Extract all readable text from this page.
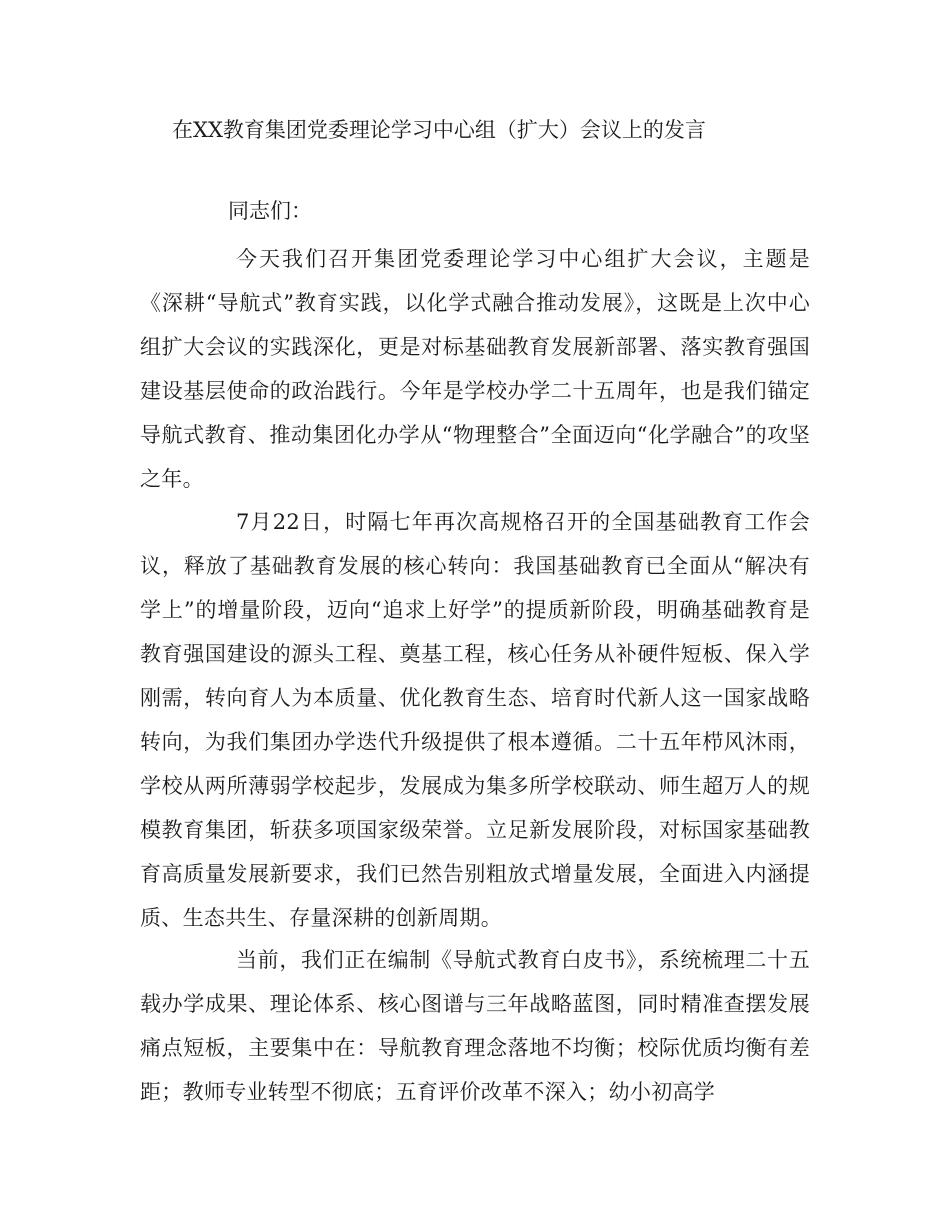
在XX教育集团党委理论学习中心组（扩大）会议上的发言

同志们：

今天我们召开集团党委理论学习中心组扩大会议，主题是《深耕“导航式”教育实践，以化学式融合推动发展》，这既是上次中心组扩大会议的实践深化，更是对标基础教育发展新部署、落实教育强国建设基层使命的政治践行。今年是学校办学二十五周年，也是我们锚定导航式教育、推动集团化办学从“物理整合”全面迈向“化学融合”的攻坚之年。

7月22日，时隔七年再次高规格召开的全国基础教育工作会议，释放了基础教育发展的核心转向：我国基础教育已全面从“解决有学上”的增量阶段，迈向“追求上好学”的提质新阶段，明确基础教育是教育强国建设的源头工程、奠基工程，核心任务从补硬件短板、保入学刚需，转向育人为本质量、优化教育生态、培育时代新人这一国家战略转向，为我们集团办学迭代升级提供了根本遵循。二十五年栉风沐雨，学校从两所薄弱学校起步，发展成为集多所学校联动、师生超万人的规模教育集团，斩获多项国家级荣誉。立足新发展阶段，对标国家基础教育高质量发展新要求，我们已然告别粗放式增量发展，全面进入内涵提质、生态共生、存量深耕的创新周期。

当前，我们正在编制《导航式教育白皮书》，系统梳理二十五载办学成果、理论体系、核心图谱与三年战略蓝图，同时精准查摆发展痛点短板，主要集中在：导航教育理念落地不均衡；校际优质均衡有差距；教师专业转型不彻底；五育评价改革不深入；幼小初高学
